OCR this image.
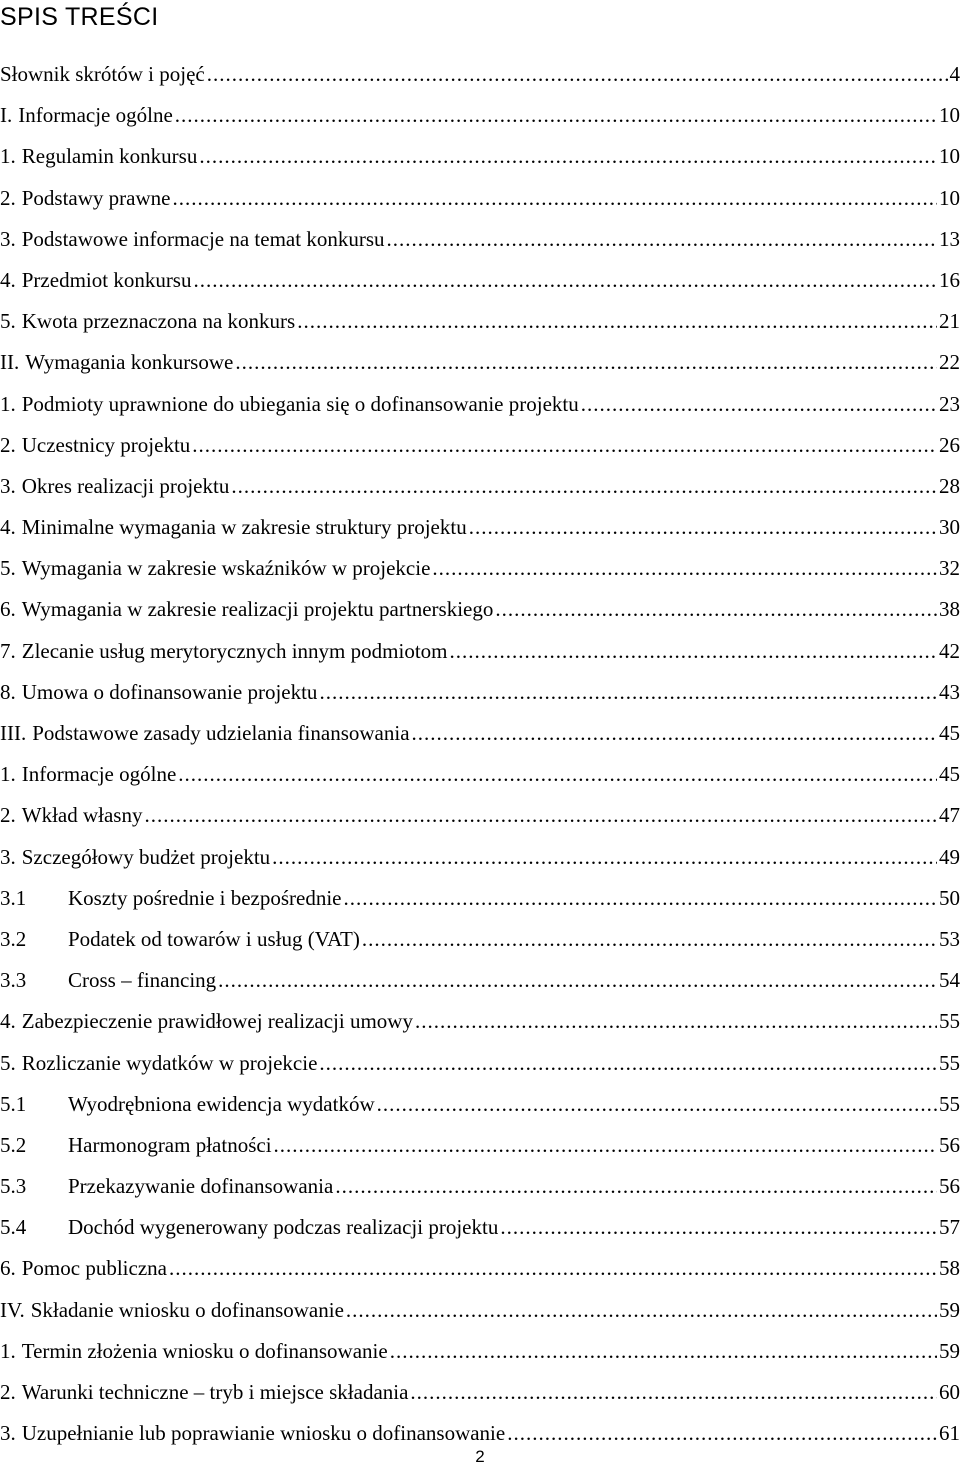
SPIS TREŚCI
Słownik skrótów i pojęć .....	4
I. Informacje ogólne .....	10
1. Regulamin konkursu .....	10
2. Podstawy prawne .....	10
3. Podstawowe informacje na temat konkursu .....	13
4. Przedmiot konkursu .....	16
5. Kwota przeznaczona na konkurs .....	21
II. Wymagania konkursowe .....	22
1. Podmioty uprawnione do ubiegania się o dofinansowanie projektu .....	23
2. Uczestnicy projektu .....	26
3. Okres realizacji projektu .....	28
4. Minimalne wymagania w zakresie struktury projektu .....	30
5. Wymagania w zakresie wskaźników w projekcie .....	32
6. Wymagania w zakresie realizacji projektu partnerskiego .....	38
7. Zlecanie usług merytorycznych innym podmiotom .....	42
8. Umowa o dofinansowanie projektu .....	43
III. Podstawowe zasady udzielania finansowania .....	45
1. Informacje ogólne .....	45
2. Wkład własny .....	47
3. Szczegółowy budżet projektu .....	49
3.1	Koszty pośrednie i bezpośrednie .....	50
3.2	Podatek od towarów i usług (VAT) .....	53
3.3	Cross – financing .....	54
4. Zabezpieczenie prawidłowej realizacji umowy .....	55
5. Rozliczanie wydatków w projekcie .....	55
5.1	Wyodrębniona ewidencja wydatków .....	55
5.2	Harmonogram płatności .....	56
5.3	Przekazywanie dofinansowania .....	56
5.4	Dochód wygenerowany podczas realizacji projektu .....	57
6. Pomoc publiczna .....	58
IV. Składanie wniosku o dofinansowanie .....	59
1. Termin złożenia wniosku o dofinansowanie .....	59
2. Warunki techniczne – tryb i miejsce składania .....	60
3. Uzupełnianie lub poprawianie wniosku o dofinansowanie .....	61
2
